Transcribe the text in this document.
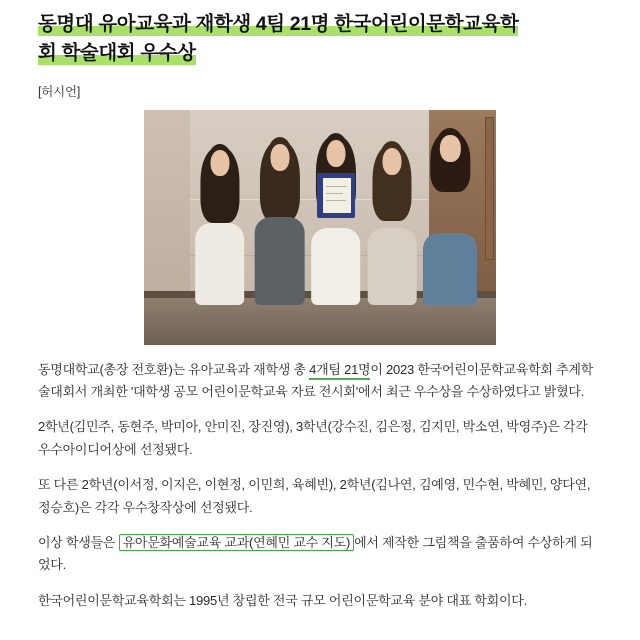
동명대 유아교육과 재학생 4팀 21명 한국어린이문학교육학
회 학술대회 우수상
[허시언]

동명대학교(총장 전호환)는 유아교육과 재학생 총 4개팀 21명이 2023 한국어린이문학교육학회 추계학술대회서 개최한 '대학생 공모 어린이문학교육 자료 전시회'에서 최근 우수상을 수상하였다고 밝혔다.

2학년(김민주, 동현주, 박미아, 안미진, 장진영), 3학년(강수진, 김은정, 김지민, 박소연, 박영주)은 각각 우수아이디어상에 선정됐다.

또 다른 2학년(이서정, 이지은, 이현정, 이민희, 육혜빈), 2학년(김나연, 김예영, 민수현, 박혜민, 양다연, 정승호)은 각각 우수창작상에 선정됐다.

이상 학생들은 유아문화예술교육 교과(연혜민 교수 지도) 에서 제작한 그림책을 출품하여 수상하게 되었다.

한국어린이문학교육학회는 1995년 창립한 전국 규모 어린이문학교육 분야 대표 학회이다.
